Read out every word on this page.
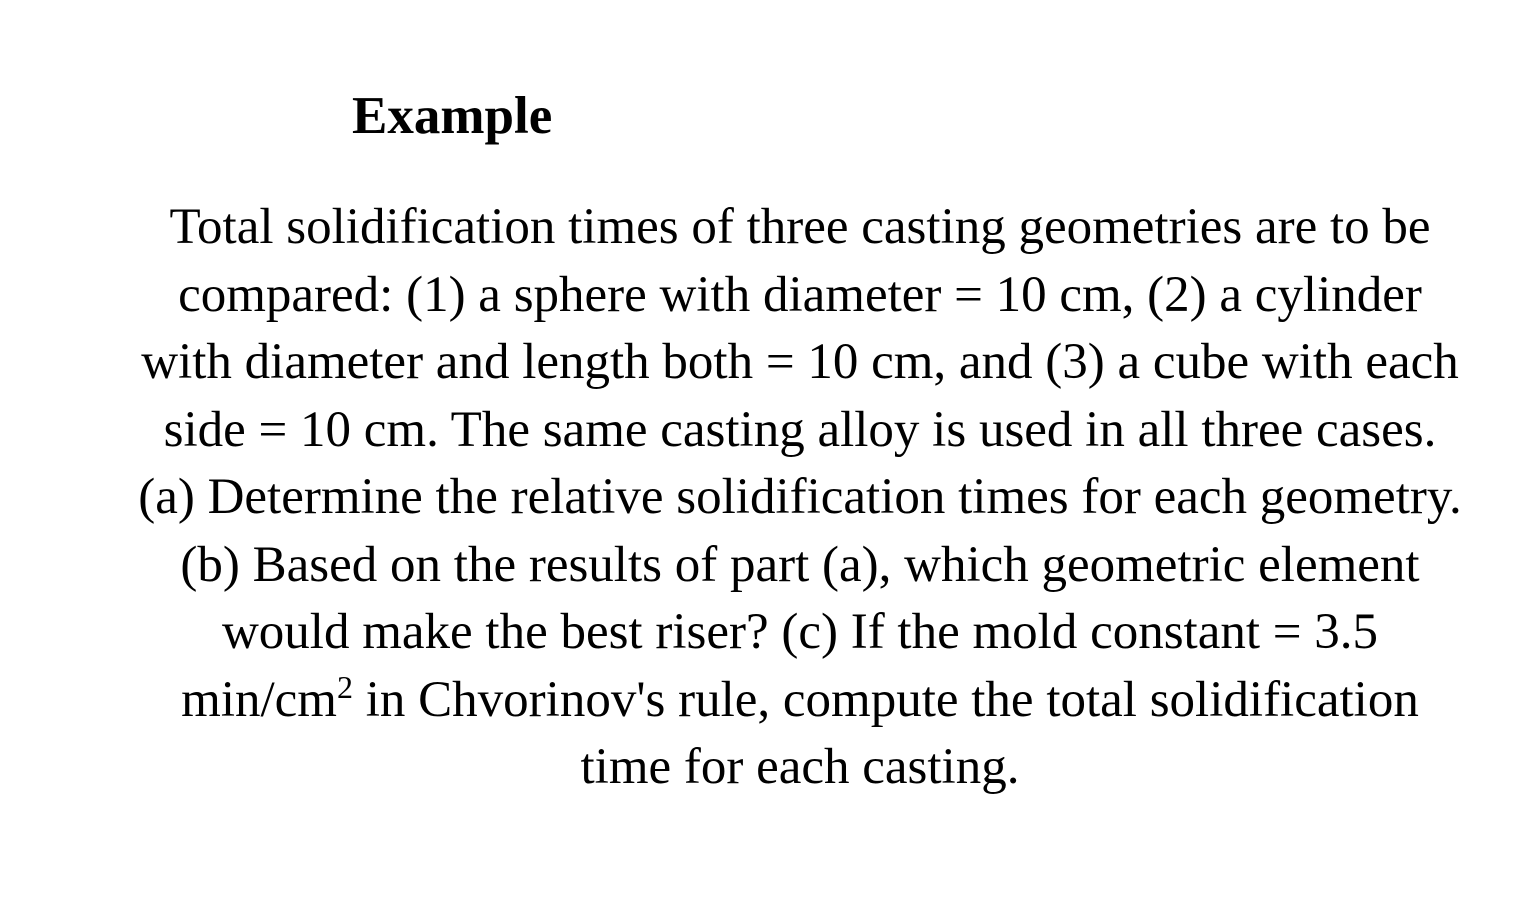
Example
Total solidification times of three casting geometries are to be
compared: (1) a sphere with diameter = 10 cm, (2) a cylinder
with diameter and length both = 10 cm, and (3) a cube with each
side = 10 cm. The same casting alloy is used in all three cases.
(a) Determine the relative solidification times for each geometry.
(b) Based on the results of part (a), which geometric element
would make the best riser? (c) If the mold constant = 3.5
$\min/cm^2$ in Chvorinov's rule, compute the total solidification
time for each casting.
